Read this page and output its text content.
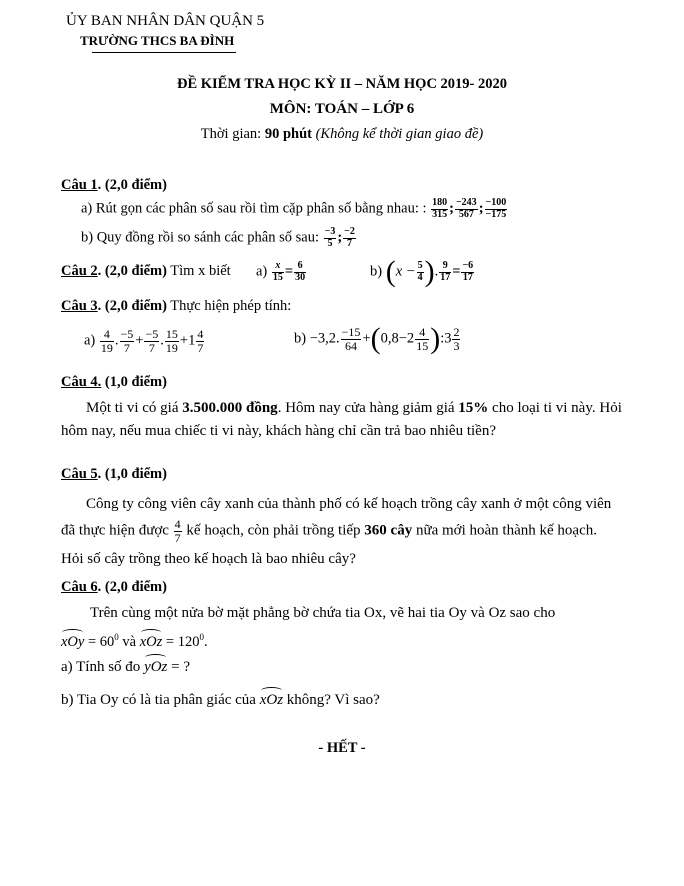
ỦY BAN NHÂN DÂN QUẬN 5
TRƯỜNG THCS BA ĐÌNH
ĐỀ KIỂM TRA HỌC KỲ II – NĂM HỌC 2019- 2020
MÔN: TOÁN – LỚP 6
Thời gian: 90 phút (Không kể thời gian giao đề)
Câu 1. (2,0 điểm)
a) Rút gọn các phân số sau rồi tìm cặp phân số bằng nhau: : $\frac{180}{315}$ ; $\frac{-243}{567}$ ; $\frac{-100}{-175}$
b) Quy đồng rồi so sánh các phân số sau: $\frac{-3}{5}$ ; $\frac{-2}{7}$
Câu 2. (2,0 điểm) Tìm x biết $a) \frac{x}{15} = \frac{6}{30}$	b) ($x - \frac{5}{4}$ ). $\frac{9}{17} = \frac{-6}{17}$
Câu 3. (2,0 điểm) Thực hiện phép tính:
$a) \frac{4}{19}$ . $\frac{-5}{7} + \frac{-5}{7}$ . $\frac{15}{19} +1 \frac{4}{7}$	b) −3,2. $\frac{-15}{64} +(0,8-2 \frac{4}{15}$ ):3 $\frac{2}{3}$
Câu 4. (1,0 điểm)
Một ti vi có giá 3.500.000 đồng. Hôm nay cửa hàng giảm giá 15% cho loại ti vi này. Hỏi
hôm nay, nếu mua chiếc ti vi này, khách hàng chỉ cần trả bao nhiêu tiền?
Câu 5. (1,0 điểm)
Công ty công viên cây xanh của thành phố có kế hoạch trồng cây xanh ở một công viên
đã thực hiện được $\frac{4}{7}$ kế hoạch, còn phải trồng tiếp 360 cây nữa mới hoàn thành kế hoạch.
Hỏi số cây trồng theo kế hoạch là bao nhiêu cây?
Câu 6. (2,0 điểm)
Trên cùng một nửa bờ mặt phẳng bờ chứa tia Ox, vẽ hai tia Oy và Oz sao cho
xOy = $60^0$ và xOz = $120^0$.
a) Tính số đo yOz = ?
b) Tia Oy có là tia phân giác của xOz không? Vì sao?
- HẾT -
